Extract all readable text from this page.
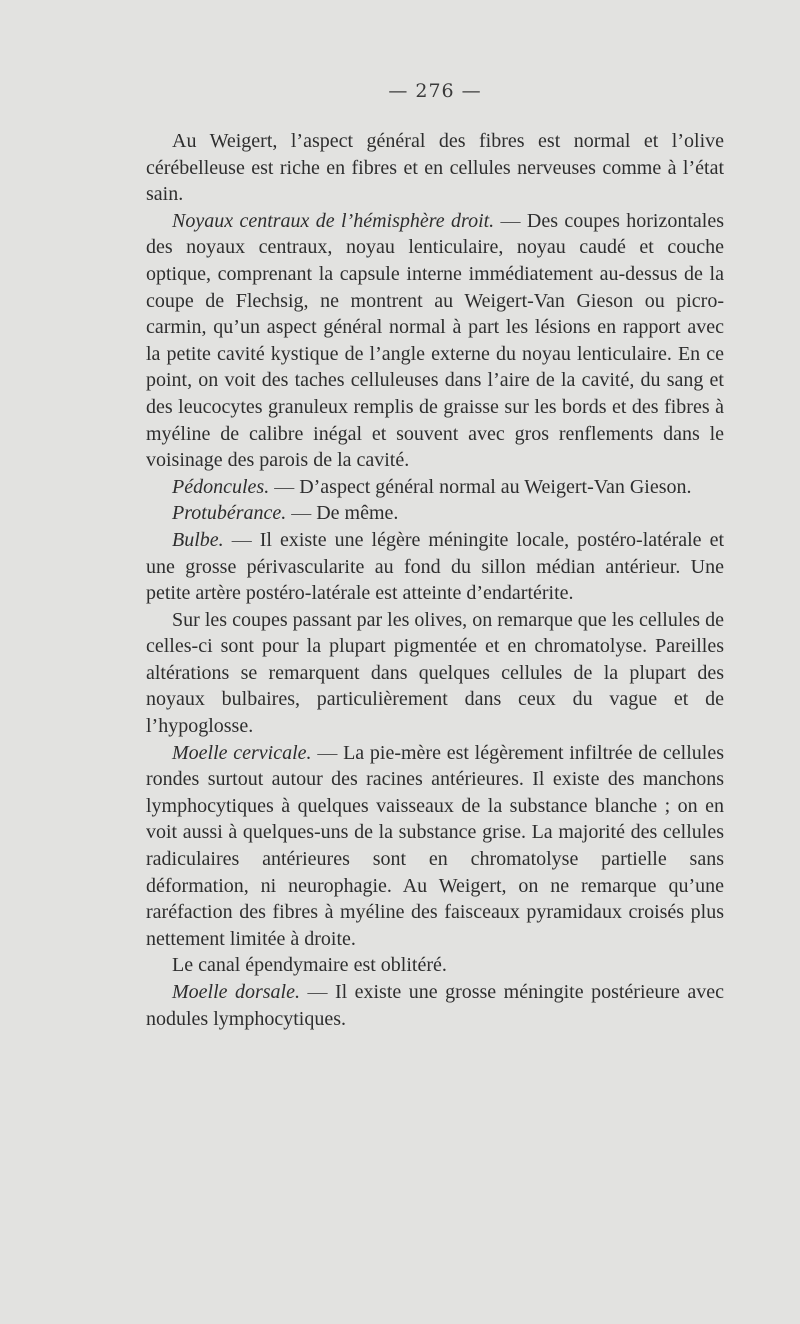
— 276 —

Au Weigert, l’aspect général des fibres est normal et l’olive cérébelleuse est riche en fibres et en cellules nerveuses comme à l’état sain.

Noyaux centraux de l’hémisphère droit. — Des coupes horizontales des noyaux centraux, noyau lenticulaire, noyau caudé et couche optique, comprenant la capsule interne immédiatement au-dessus de la coupe de Flechsig, ne montrent au Weigert-Van Gieson ou picro-carmin, qu’un aspect général normal à part les lésions en rapport avec la petite cavité kystique de l’angle externe du noyau lenticulaire. En ce point, on voit des taches celluleuses dans l’aire de la cavité, du sang et des leucocytes granuleux remplis de graisse sur les bords et des fibres à myéline de calibre inégal et souvent avec gros renflements dans le voisinage des parois de la cavité.

Pédoncules. — D’aspect général normal au Weigert-Van Gieson.

Protubérance. — De même.

Bulbe. — Il existe une légère méningite locale, postéro-latérale et une grosse périvascularite au fond du sillon médian antérieur. Une petite artère postéro-latérale est atteinte d’endartérite.

Sur les coupes passant par les olives, on remarque que les cellules de celles-ci sont pour la plupart pigmentée et en chromatolyse. Pareilles altérations se remarquent dans quelques cellules de la plupart des noyaux bulbaires, particulièrement dans ceux du vague et de l’hypoglosse.

Moelle cervicale. — La pie-mère est légèrement infiltrée de cellules rondes surtout autour des racines antérieures. Il existe des manchons lymphocytiques à quelques vaisseaux de la substance blanche ; on en voit aussi à quelques-uns de la substance grise. La majorité des cellules radiculaires antérieures sont en chromatolyse partielle sans déformation, ni neurophagie. Au Weigert, on ne remarque qu’une raréfaction des fibres à myéline des faisceaux pyramidaux croisés plus nettement limitée à droite.

Le canal épendymaire est oblitéré.

Moelle dorsale. — Il existe une grosse méningite postérieure avec nodules lymphocytiques.
